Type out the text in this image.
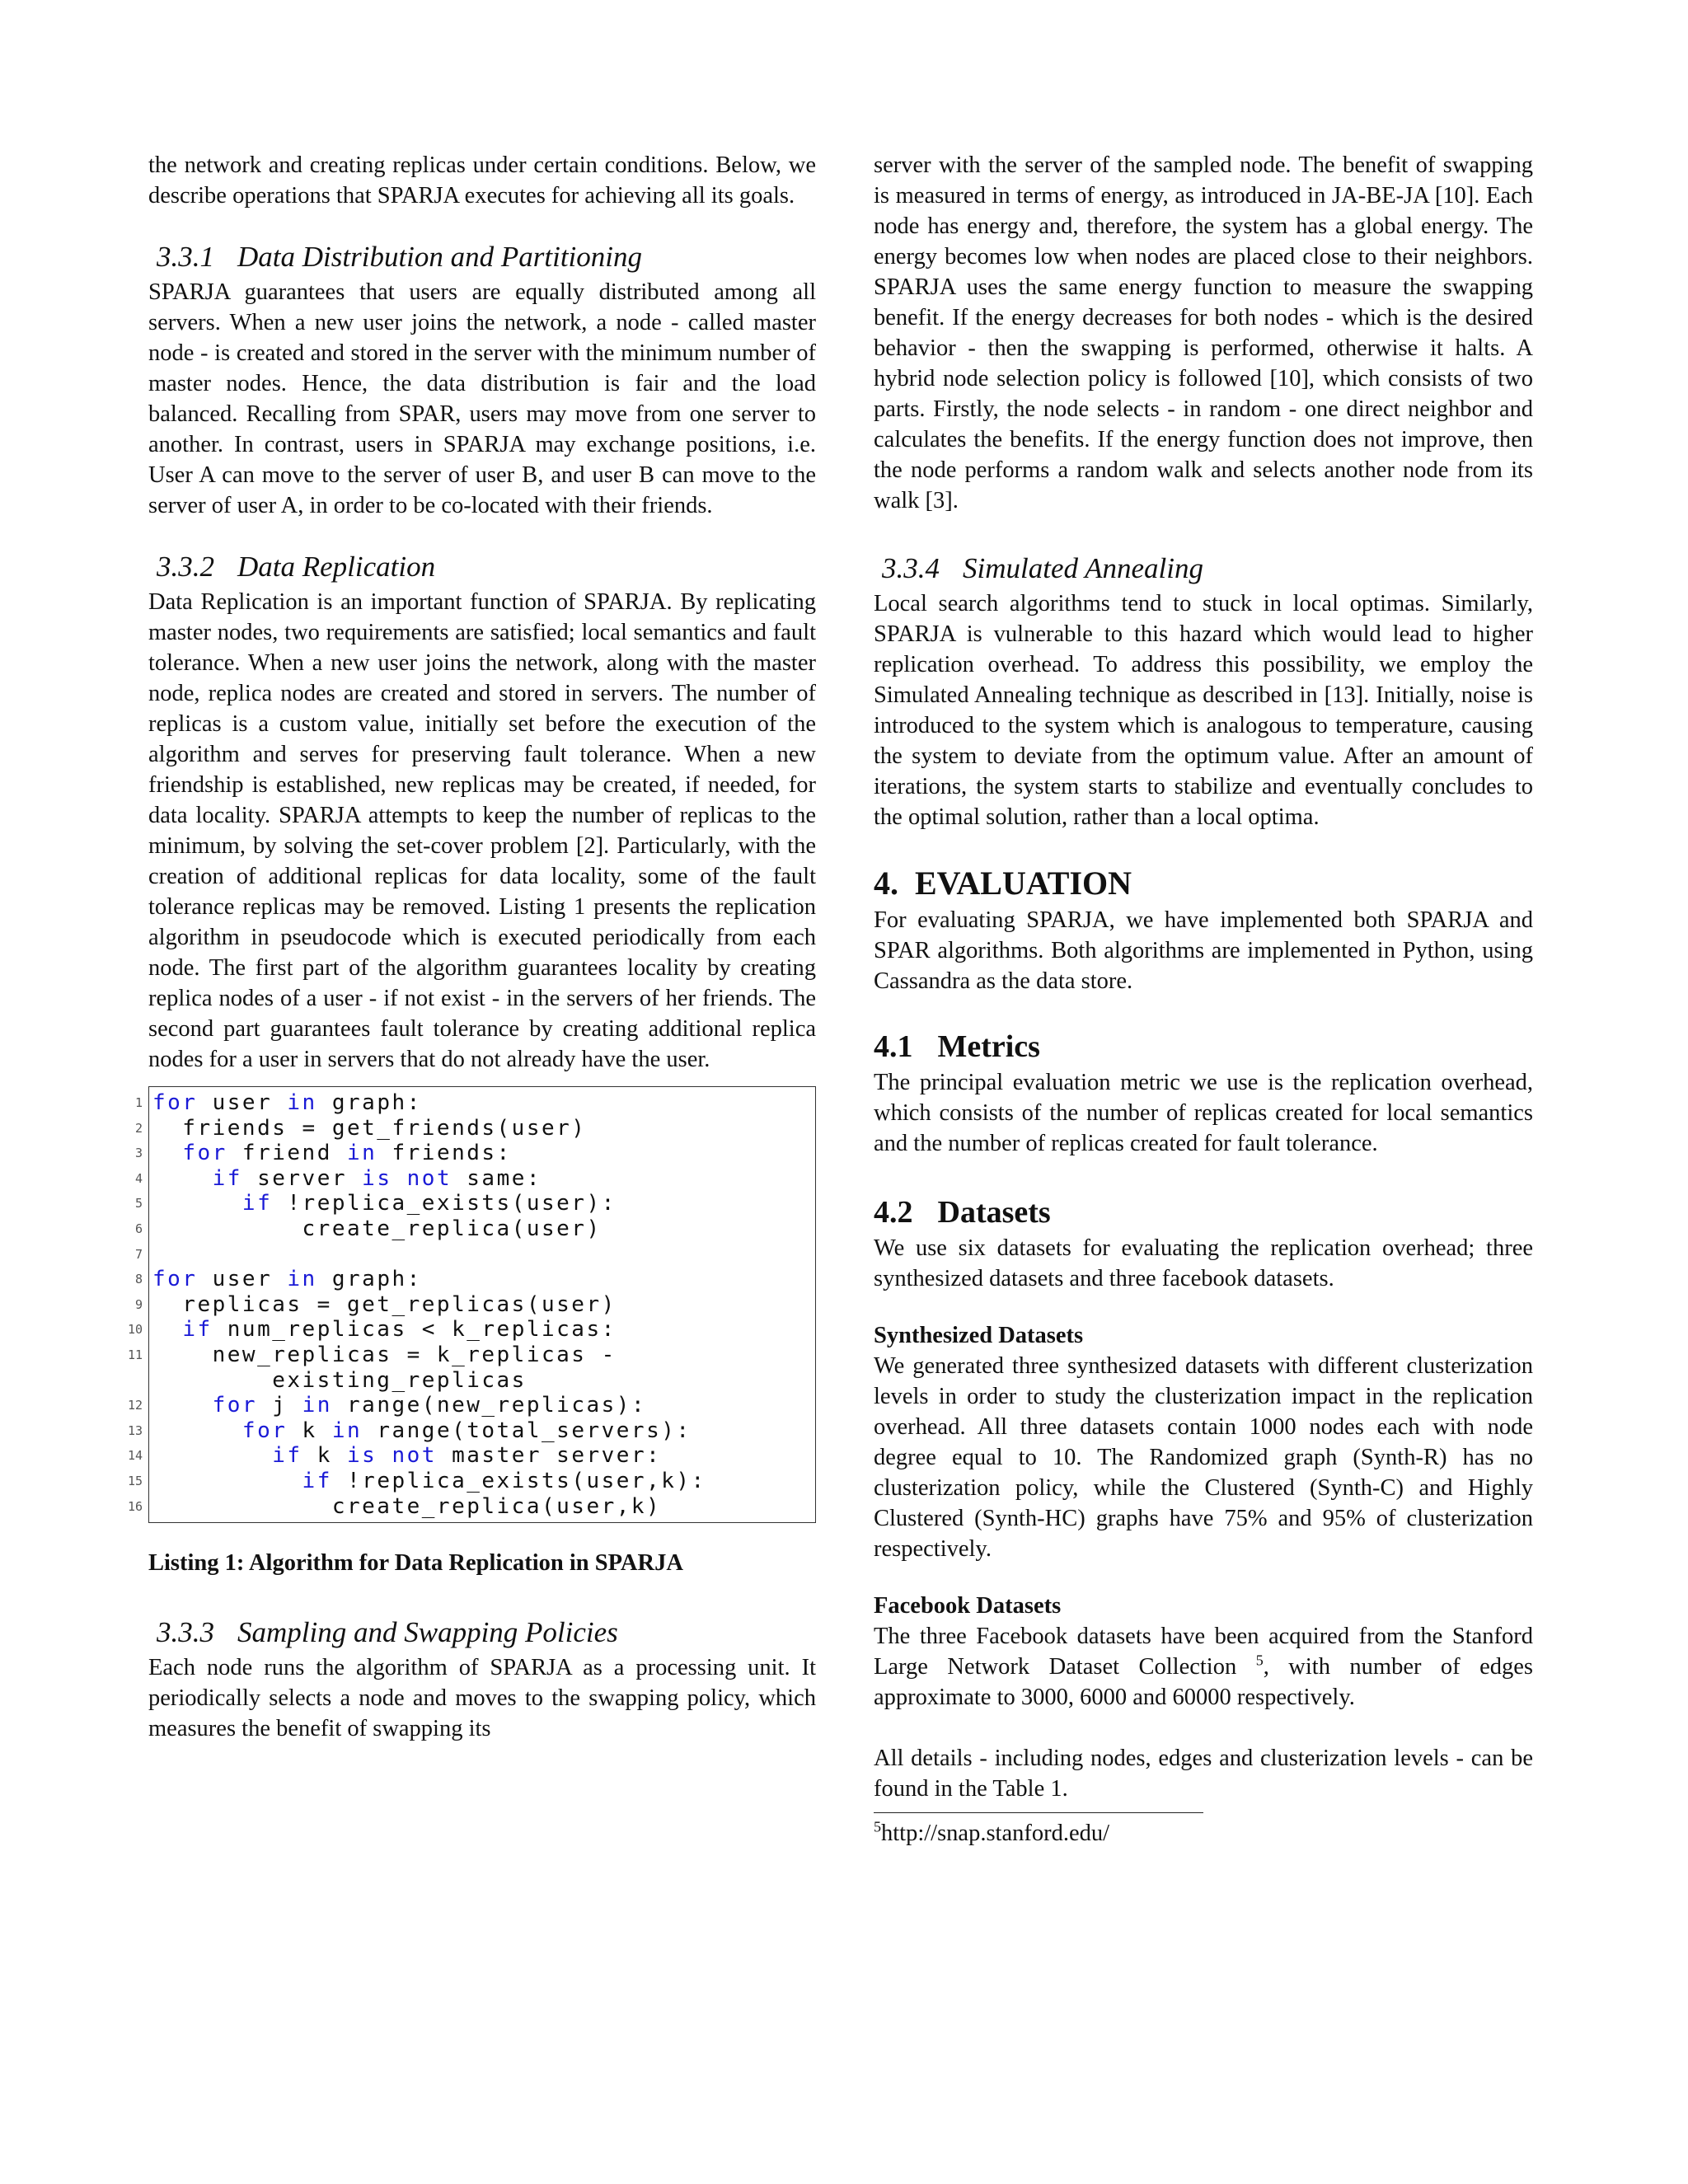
the network and creating replicas under certain conditions. Below, we describe operations that SPARJA executes for achieving all its goals.

3.3.1 Data Distribution and Partitioning

SPARJA guarantees that users are equally distributed among all servers. When a new user joins the network, a node - called master node - is created and stored in the server with the minimum number of master nodes. Hence, the data distribution is fair and the load balanced. Recalling from SPAR, users may move from one server to another. In contrast, users in SPARJA may exchange positions, i.e. User A can move to the server of user B, and user B can move to the server of user A, in order to be co-located with their friends.

3.3.2 Data Replication

Data Replication is an important function of SPARJA. By replicating master nodes, two requirements are satisfied; local semantics and fault tolerance. When a new user joins the network, along with the master node, replica nodes are created and stored in servers. The number of replicas is a custom value, initially set before the execution of the algorithm and serves for preserving fault tolerance. When a new friendship is established, new replicas may be created, if needed, for data locality. SPARJA attempts to keep the number of replicas to the minimum, by solving the set-cover problem [2]. Particularly, with the creation of additional replicas for data locality, some of the fault tolerance replicas may be removed. Listing 1 presents the replication algorithm in pseudocode which is executed periodically from each node. The first part of the algorithm guarantees locality by creating replica nodes of a user - if not exist - in the servers of her friends. The second part guarantees fault tolerance by creating additional replica nodes for a user in servers that do not already have the user.

1 for user in graph:
2 friends = get_friends(user)
3 for friend in friends:
4	if server is not same:
5	if !replica_exists(user):
6 create_replica(user)
7
8 for user in graph:
9 replicas = get_replicas(user)
10 if num_replicas < k_replicas:
11	new_replicas = k_replicas -
existing_replicas
12	for j in range(new_replicas):
13	for k in range(total_servers):
14	if k is not master server:
15	if !replica_exists(user,k):
16 create_replica(user,k)
Listing 1: Algorithm for Data Replication in SPARJA
3.3.3 Sampling and Swapping Policies

Each node runs the algorithm of SPARJA as a processing unit. It periodically selects a node and moves to the swapping policy, which measures the benefit of swapping its

server with the server of the sampled node. The benefit of swapping is measured in terms of energy, as introduced in JA-BE-JA [10]. Each node has energy and, therefore, the system has a global energy. The energy becomes low when nodes are placed close to their neighbors. SPARJA uses the same energy function to measure the swapping benefit. If the energy decreases for both nodes - which is the desired behavior - then the swapping is performed, otherwise it halts. A hybrid node selection policy is followed [10], which consists of two parts. Firstly, the node selects - in random - one direct neighbor and calculates the benefits. If the energy function does not improve, then the node performs a random walk and selects another node from its walk [3].

3.3.4 Simulated Annealing

Local search algorithms tend to stuck in local optimas. Similarly, SPARJA is vulnerable to this hazard which would lead to higher replication overhead. To address this possibility, we employ the Simulated Annealing technique as described in [13]. Initially, noise is introduced to the system which is analogous to temperature, causing the system to deviate from the optimum value. After an amount of iterations, the system starts to stabilize and eventually concludes to the optimal solution, rather than a local optima.

4. EVALUATION

For evaluating SPARJA, we have implemented both SPARJA and SPAR algorithms. Both algorithms are implemented in Python, using Cassandra as the data store.

4.1 Metrics

The principal evaluation metric we use is the replication overhead, which consists of the number of replicas created for local semantics and the number of replicas created for fault tolerance.

4.2 Datasets

We use six datasets for evaluating the replication overhead; three synthesized datasets and three facebook datasets.

Synthesized Datasets

We generated three synthesized datasets with different clusterization levels in order to study the clusterization impact in the replication overhead. All three datasets contain 1000 nodes each with node degree equal to 10. The Randomized graph (Synth-R) has no clusterization policy, while the Clustered (Synth-C) and Highly Clustered (Synth-HC) graphs have 75% and 95% of clusterization respectively.

Facebook Datasets

The three Facebook datasets have been acquired from the Stanford Large Network Dataset Collection $^5$, with number of edges approximate to 3000, 6000 and 60000 respectively.

All details - including nodes, edges and clusterization levels - can be found in the Table 1.

$^5$http://snap.stanford.edu/
